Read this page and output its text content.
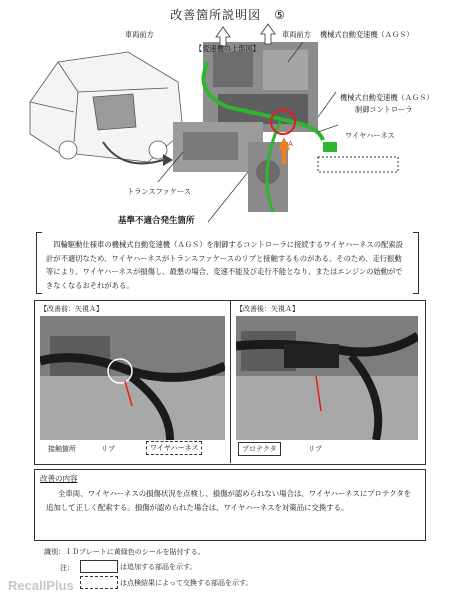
改善箇所説明図　⑤
車両前方
【変速機の上部図】
車両前方 機械式自動変速機（ＡＧＳ）
機械式自動変速機（ＡＧＳ）
制御コントローラ
ワイヤハーネス
トランスファケース
A
基準不適合発生箇所
　四輪駆動仕様車の機械式自動変速機（ＡＧＳ）を制御するコントローラに接続するワイヤハーネスの配索設計が不適切なため、ワイヤハーネスがトランスファケースのリブと接触するものがある。そのため、走行振動等により、ワイヤハーネスが損傷し、最悪の場合、変速不能及び走行不能となり、またはエンジンの始動ができなくなるおそれがある。
【改善前：矢視Ａ】
接触箇所	リブ	ワイヤハーネス
【改善後：矢視Ａ】
プロテクタ	リブ
改善の内容
全車両、ワイヤハーネスの損傷状況を点検し、損傷が認められない場合は、ワイヤハーネスにプロテクタを追加して正しく配索する。損傷が認められた場合は、ワイヤハーネスを対策品に交換する。
識別：ＩＤプレートに黄緑色のシールを貼付する。
注：	は追加する部品を示す。
は点検結果によって交換する部品を示す。
RecallPlus
